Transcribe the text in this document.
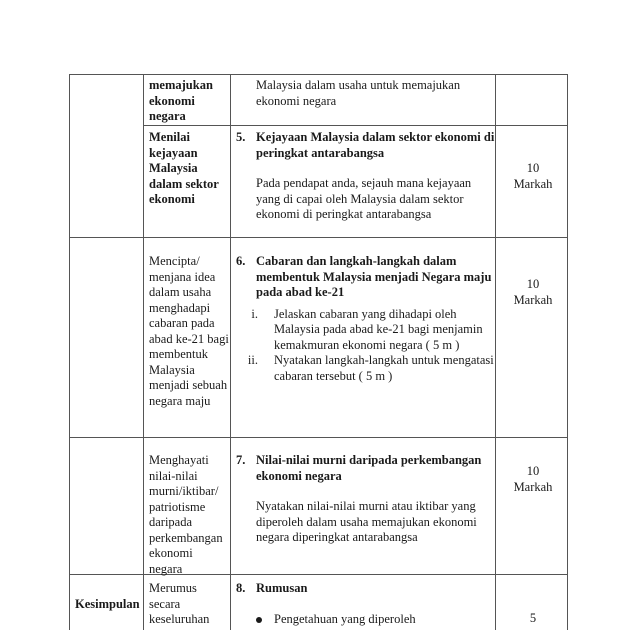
memajukan ekonomi negara

Malaysia dalam usaha untuk memajukan ekonomi negara

Menilai kejayaan Malaysia dalam sektor ekonomi

5. Kejayaan Malaysia dalam sektor ekonomi di peringkat antarabangsa

Pada pendapat anda, sejauh mana kejayaan yang di capai oleh Malaysia dalam sektor ekonomi di peringkat antarabangsa

10
Markah

Mencipta/ menjana idea dalam usaha menghadapi cabaran pada abad ke-21 bagi membentuk Malaysia menjadi sebuah negara maju

6. Cabaran dan langkah-langkah dalam membentuk Malaysia menjadi Negara maju pada abad ke-21
i. Jelaskan cabaran yang dihadapi oleh Malaysia pada abad ke-21 bagi menjamin kemakmuran ekonomi negara ( 5 m )
ii. Nyatakan langkah-langkah untuk mengatasi cabaran tersebut ( 5 m )
10
Markah

Menghayati nilai-nilai murni/iktibar/ patriotisme daripada perkembangan ekonomi negara

7. Nilai-nilai murni daripada perkembangan ekonomi negara

Nyatakan nilai-nilai murni atau iktibar yang diperoleh dalam usaha memajukan ekonomi negara diperingkat antarabangsa

10
Markah
Kesimpulan

Merumus secara keseluruhan

8. Rumusan
Pengetahuan yang diperoleh	5
